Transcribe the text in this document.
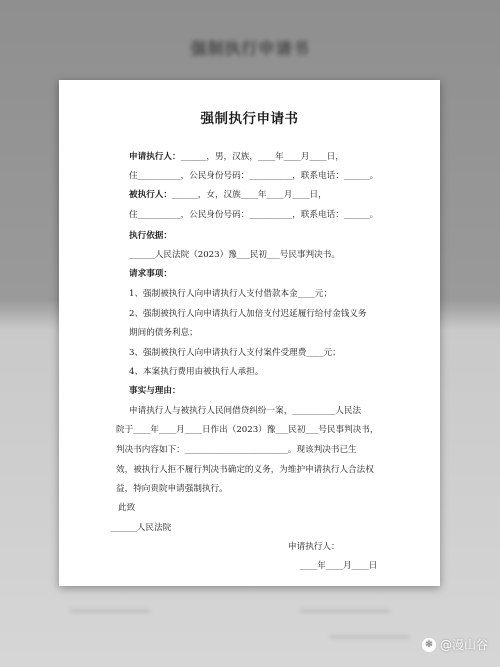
强制执行申请书
强制执行申请书
申请执行人：______，男，汉族，____年____月____日，
住__________，公民身份号码：__________，联系电话：______。
被执行人：______，女，汉族____年____月____日，
住__________，公民身份号码：__________，联系电话：______。
执行依据：
______人民法院（2023）豫___民初___号民事判决书。
请求事项：
1、强制被执行人向申请执行人支付借款本金____元；
2、强制被执行人向申请执行人加倍支付迟延履行给付金钱义务
期间的债务利息；
3、强制被执行人向申请执行人支付案件受理费____元；
4、本案执行费用由被执行人承担。
事实与理由：
申请执行人与被执行人民间借贷纠纷一案，__________人民法
院于____年____月____日作出（2023）豫___民初___号民事判决书，
判决书内容如下：________________________。现该判决书已生
效，被执行人拒不履行判决书确定的义务，为维护申请执行人合法权
益，特向贵院申请强制执行。
此致
______人民法院
申请执行人：
____年____月____日
✻ @漫山谷
